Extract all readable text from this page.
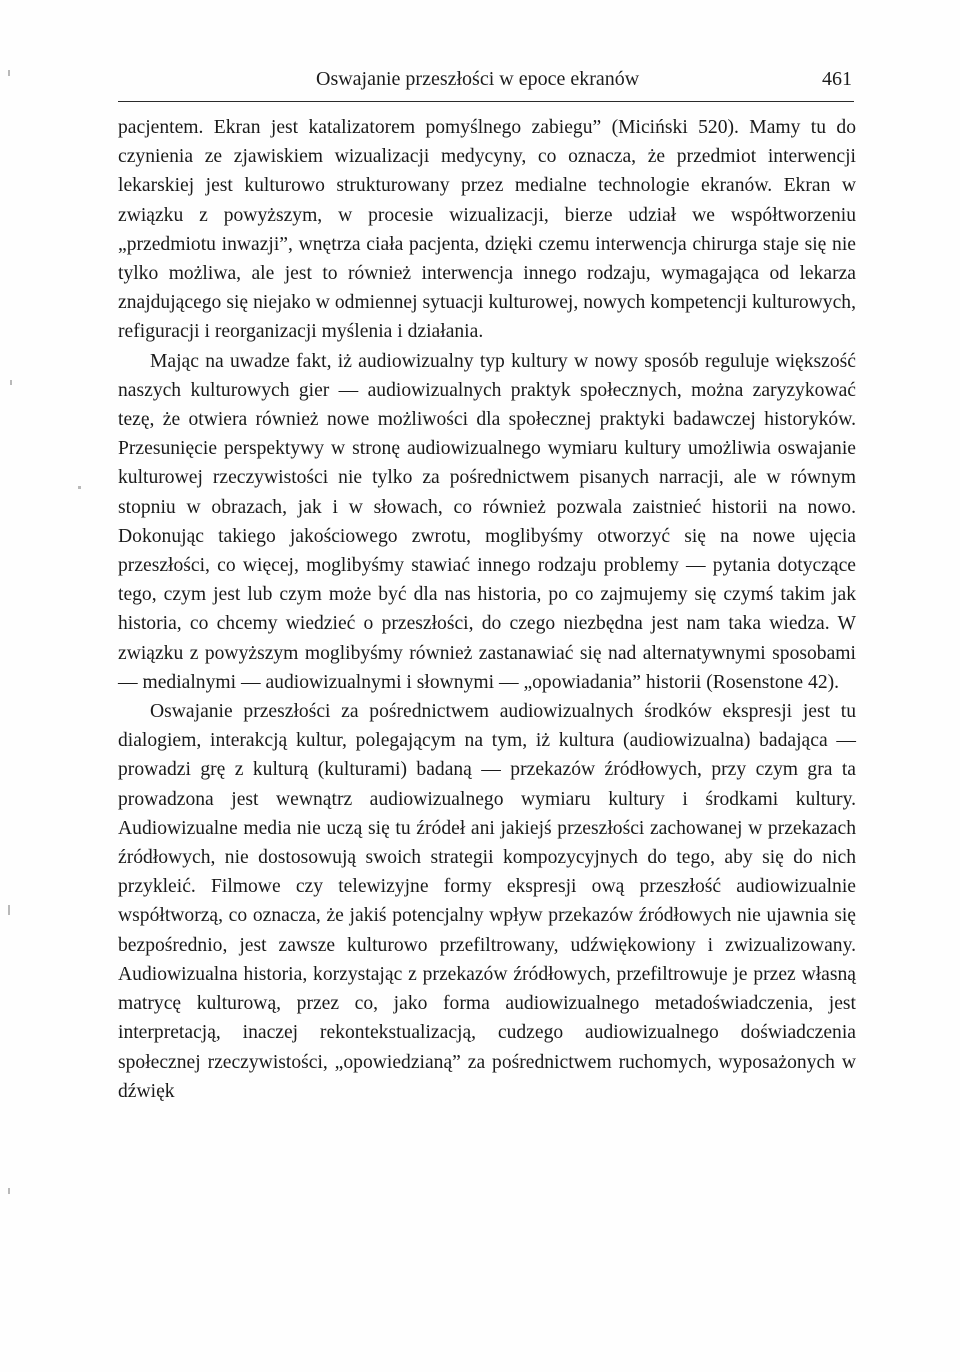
Oswajanie przeszłości w epoce ekranów	461

pacjentem. Ekran jest katalizatorem pomyślnego zabiegu” (Miciński 520). Mamy tu do czynienia ze zjawiskiem wizualizacji medycyny, co oznacza, że przedmiot interwencji lekarskiej jest kulturowo strukturowany przez medialne technologie ekranów. Ekran w związku z powyższym, w procesie wizualizacji, bierze udział we współtworzeniu „przedmiotu inwazji”, wnętrza ciała pacjenta, dzięki czemu interwencja chirurga staje się nie tylko możliwa, ale jest to również interwencja innego rodzaju, wymagająca od lekarza znajdującego się niejako w odmiennej sytuacji kulturowej, nowych kompetencji kulturowych, refiguracji i reorganizacji myślenia i działania.

Mając na uwadze fakt, iż audiowizualny typ kultury w nowy sposób reguluje większość naszych kulturowych gier — audiowizualnych praktyk społecznych, można zaryzykować tezę, że otwiera również nowe możliwości dla społecznej praktyki badawczej historyków. Przesunięcie perspektywy w stronę audiowizualnego wymiaru kultury umożliwia oswajanie kulturowej rzeczywistości nie tylko za pośrednictwem pisanych narracji, ale w równym stopniu w obrazach, jak i w słowach, co również pozwala zaistnieć historii na nowo. Dokonując takiego jakościowego zwrotu, moglibyśmy otworzyć się na nowe ujęcia przeszłości, co więcej, moglibyśmy stawiać innego rodzaju problemy — pytania dotyczące tego, czym jest lub czym może być dla nas historia, po co zajmujemy się czymś takim jak historia, co chcemy wiedzieć o przeszłości, do czego niezbędna jest nam taka wiedza. W związku z powyższym moglibyśmy również zastanawiać się nad alternatywnymi sposobami — medialnymi — audiowizualnymi i słownymi — „opowiadania” historii (Rosenstone 42).

Oswajanie przeszłości za pośrednictwem audiowizualnych środków ekspresji jest tu dialogiem, interakcją kultur, polegającym na tym, iż kultura (audiowizualna) badająca — prowadzi grę z kulturą (kulturami) badaną — przekazów źródłowych, przy czym gra ta prowadzona jest wewnątrz audiowizualnego wymiaru kultury i środkami kultury. Audiowizualne media nie uczą się tu źródeł ani jakiejś przeszłości zachowanej w przekazach źródłowych, nie dostosowują swoich strategii kompozycyjnych do tego, aby się do nich przykleić. Filmowe czy telewizyjne formy ekspresji ową przeszłość audiowizualnie współtworzą, co oznacza, że jakiś potencjalny wpływ przekazów źródłowych nie ujawnia się bezpośrednio, jest zawsze kulturowo przefiltrowany, udźwiękowiony i zwizualizowany. Audiowizualna historia, korzystając z przekazów źródłowych, przefiltrowuje je przez własną matrycę kulturową, przez co, jako forma audiowizualnego metadoświadczenia, jest interpretacją, inaczej rekontekstualizacją, cudzego audiowizualnego doświadczenia społecznej rzeczywistości, „opowiedzianą” za pośrednictwem ruchomych, wyposażonych w dźwięk
